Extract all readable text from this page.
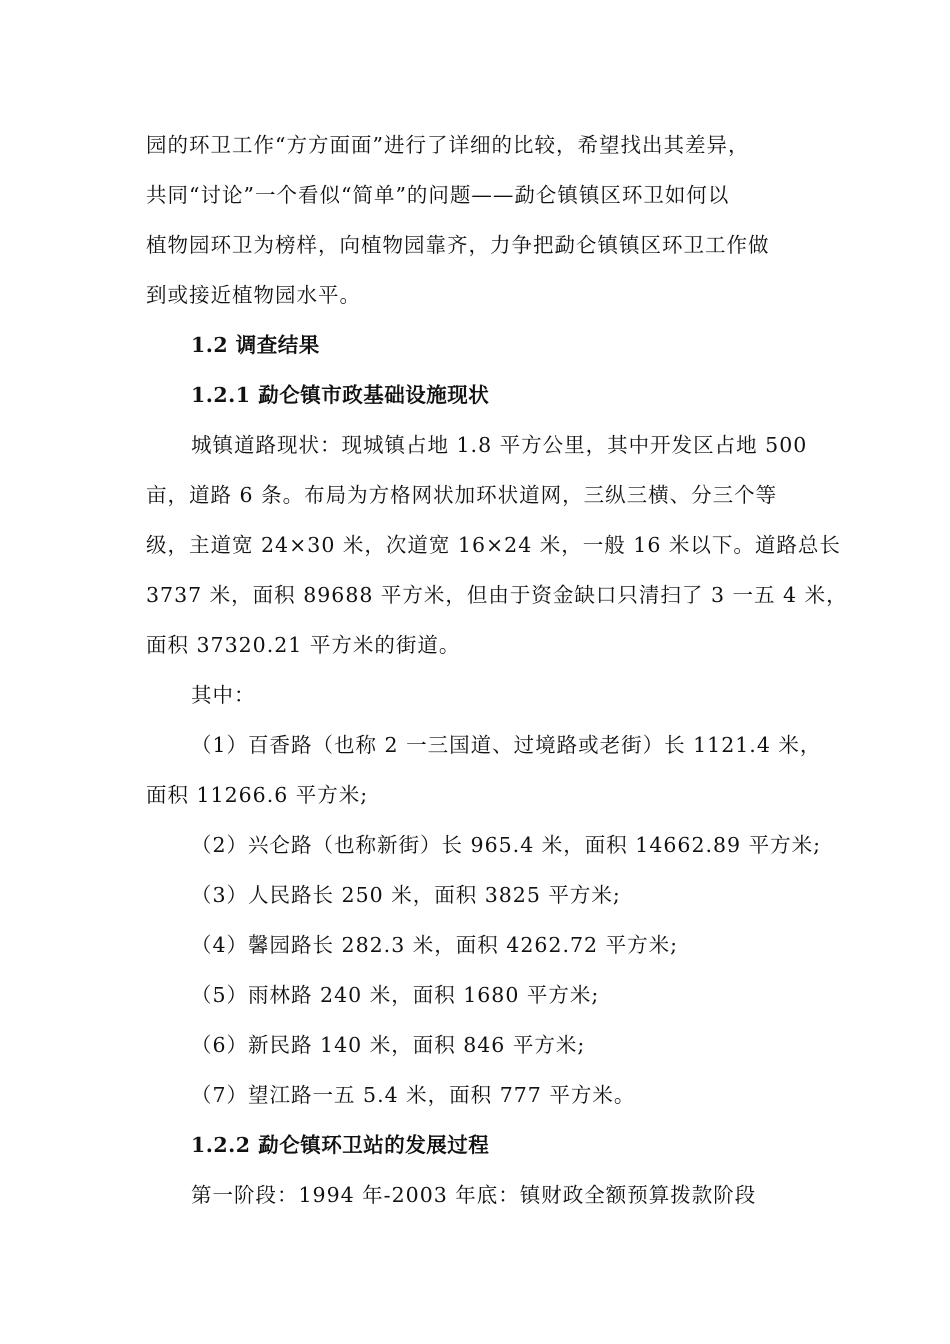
园的环卫工作“方方面面”进行了详细的比较，希望找出其差异，
共同“讨论”一个看似“简单”的问题——勐仑镇镇区环卫如何以
植物园环卫为榜样，向植物园靠齐，力争把勐仑镇镇区环卫工作做
到或接近植物园水平。
1.2 调查结果
1.2.1 勐仑镇市政基础设施现状
城镇道路现状：现城镇占地 1.8 平方公里，其中开发区占地 500
亩，道路 6 条。布局为方格网状加环状道网，三纵三横、分三个等
级，主道宽 24×30 米，次道宽 16×24 米，一般 16 米以下。道路总长
3737 米，面积 89688 平方米，但由于资金缺口只清扫了 3 一五 4 米，
面积 37320.21 平方米的街道。
其中：
（1）百香路（也称 2 一三国道、过境路或老街）长 1121.4 米，
面积 11266.6 平方米;
（2）兴仑路（也称新街）长 965.4 米，面积 14662.89 平方米;
（3）人民路长 250 米，面积 3825 平方米;
（4）馨园路长 282.3 米，面积 4262.72 平方米;
（5）雨林路 240 米，面积 1680 平方米;
（6）新民路 140 米，面积 846 平方米;
（7）望江路一五 5.4 米，面积 777 平方米。
1.2.2 勐仑镇环卫站的发展过程
第一阶段：1994 年-2003 年底：镇财政全额预算拨款阶段
